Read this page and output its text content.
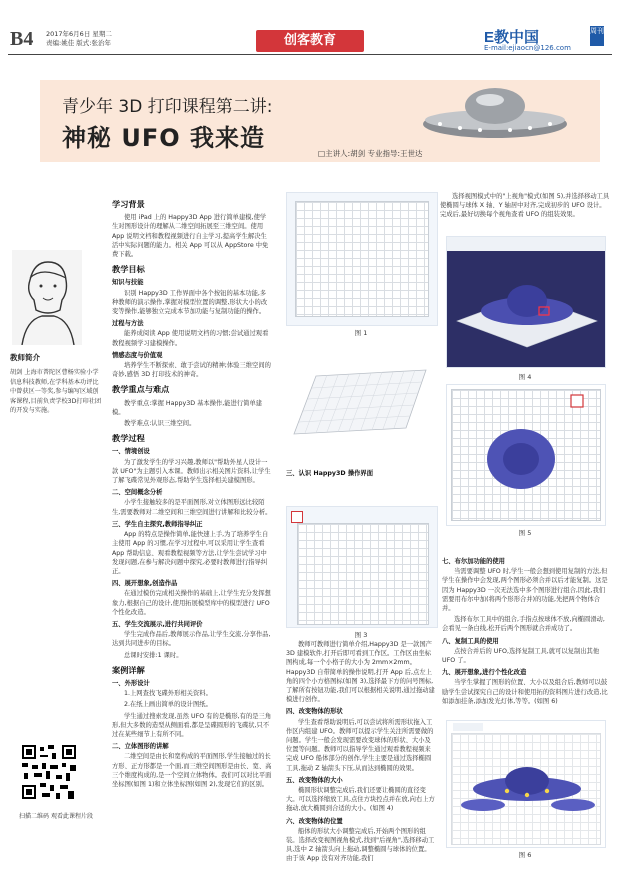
B4 2017年6月6日 星期二
责编:姚佳 版式:张治年	创客教育	E教中国	周刊
E-mail:ejiaocn@126.com
青少年 3D 打印课程第二讲:
神秘 UFO 我来造
□主讲人:胡剑 专业指导:王世达
教师简介
胡剑 上海市普陀区曹杨实验小学信息科技教师,在学科基本功评比中曾获区一等奖,参与编写区域创客课程,目前负责学校3D打印社团的开发与实施。
扫描二维码 观看此课程片段
学习背景

使用 iPad 上的 Happy3D App 进行简单建模,使学生对图形设计的理解从二维空间拓展至三维空间。使用 App 说明文档和教程视频进行自主学习,提高学生解决生活中实际问题的能力。相关 App 可以从 AppStore 中免费下载。

教学目标
知识与技能

识别 Happy3D 工作界面中各个按钮的基本功能,多种教师的演示操作,掌握对模型位置的调整,形状大小的改变等操作,能够独立完成本节加功能与复制功能的操作。

过程与方法

能养成阅读 App 使用说明文档的习惯;尝试通过观看教程视频学习建模操作。

情感态度与价值观

培养学生不断探索、敢于尝试的精神;体验三维空间的奇妙,感悟 3D 打印技术的神奇。

教学重点与难点

教学重点:掌握 Happy3D 基本操作,能进行简单建模。

教学难点:认识三维空间。

教学过程
一、情境创设

为了激发学生的学习兴趣,教师以"帮助外星人设计一款 UFO"为主题引入本课。教师出示相关图片资料,让学生了解飞碟常见外观形态,帮助学生选择相关建模图形。

二、空间概念分析

小学生接触较多的是平面图形,对立体图形远比较陌生,需要教师对二维空间和三维空间进行讲解和比较分析。

三、学生自主探究,教师指导纠正

App 的特点是操作简单,能快速上手,为了培养学生自主使用 App 的习惯,在学习过程中,可以采用让学生查看 App 帮助信息、观看教程视频等方法,让学生尝试学习中发现问题,在参与解决问题中探究,必要时教师进行指导纠正。

四、展开想象,创造作品

在通过模仿完成相关操作的基础上,让学生充分发挥想象力,根据自己的设计,使用拓展模型库中的模型进行 UFO 个性化改造。

五、学生交流展示,进行共同评价

学生完成作品后,教师展示作品,让学生交流,分享作品,达到共同进步的目标。

总课时安排:1 课时。

案例详解
一、外形设计

1.上网查找飞碟外形相关资料。

2.在纸上画出简单的设计图纸。

学生通过搜索发现,虽然 UFO 有的是椭形,有的是三角形,但大多数的造型从侧面看,都是呈碟圆形的飞碟状,只不过在某些细节上有所不同。

二、立体图形的讲解

二维空间是由长和宽构成的平面图形,学生接触过的长方形、正方形都是一个面,而三维空间图形是由长、宽、高三个维度构成的,是一个空间立体物体。我们可以对比平面坐标图(如图 1)和立体坐标图(如图 2),发现它们的区别。

图 1
图 3
三、认识 Happy3D 操作界面

教师可教师进行简单介绍,Happy3D 是一款国产 3D 建模软件,打开后即可看到工作区。工作区由坐标图构成,每一个小格子的大小为 2mm×2mm。Happy3D 自带简单的操作说明,打开 App 后,点左上角的四个小方格图标(如图 3),选择最下方的问号图标,了解所有按钮功能,我们可以根据相关说明,通过拖动建模进行创作。

四、改变物体的形状

学生查看帮助说明后,可以尝试将所需形状拖入工作区内组建 UFO。教师可以提示学生关注所需要做的问题。学生一般会发现需要改变球体的形状、大小及位置等问题。教师可以指导学生通过观看教程视频来完成 UFO 船体部分的创作,学生主要是通过选择椭圆工具,拖动 Z 轴箭头下压,从而达到椭圆的效果。

五、改变物体的大小

椭圆形状调整完成后,我们还要让椭圆的直径变大。可以选择缩放工具,点住方块控点并在放,向右上方拖动,放大椭圆到合适的大小。(如图 4)

六、改变物体的位置

船体的形状大小调整完成后,开始两个图形的组装。选择改变视图视角模式,找到"后视角",选择移动工具,选中 Z 轴箭头向上拖动,调整椭圆与球体的位置。由于该 App 没有对齐功能,我们

选择视图模式中的"上视角"模式(如图 5),并选择移动工具使椭圆与球体 X 轴、Y 轴居中对齐,完成初步的 UFO 设计。完成后,最好切换每个视角查看 UFO 的组装效果。

图 4
图 5
七、布尔加功能的使用

当需要调整 UFO 时,学生一般会想到使用复制的方法,但学生在操作中会发现,两个图形必须合并以后才能复制。这是因为 Happy3D 一次无法选中多个图形进行组合,因此,我们需要用布尔中加(将两个形形合并)的功能,先把两个物体合并。

选择布尔工具中的组合,手指点按球体不放,向椭圆滑动,会看见一条白线,松开后两个图形就合并成功了。

八、复制工具的使用

点按合并后的 UFO,选择复制工具,就可以复制出其他 UFO 了。

九、展开想象,进行个性化改造

当学生掌握了图形的位置、大小以及组合后,教师可以鼓励学生尝试探究自己的设计和使用拓的资料图片进行改造,比如添加挂条,添加发光灯体,等等。(如图 6)

图 6
